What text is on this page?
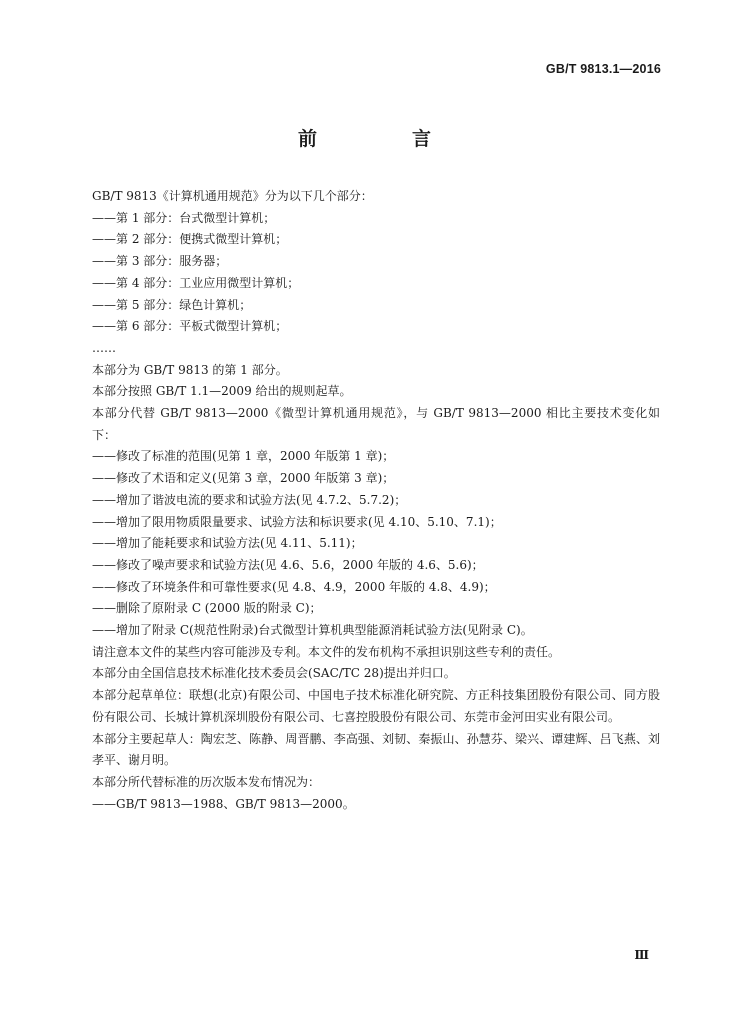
GB/T 9813.1—2016
前　言

GB/T 9813《计算机通用规范》分为以下几个部分：

——第 1 部分：台式微型计算机；

——第 2 部分：便携式微型计算机；

——第 3 部分：服务器；

——第 4 部分：工业应用微型计算机；

——第 5 部分：绿色计算机；

——第 6 部分：平板式微型计算机；

……

本部分为 GB/T 9813 的第 1 部分。

本部分按照 GB/T 1.1—2009 给出的规则起草。

本部分代替 GB/T 9813—2000《微型计算机通用规范》，与 GB/T 9813—2000 相比主要技术变化如下：

——修改了标准的范围(见第 1 章，2000 年版第 1 章)；

——修改了术语和定义(见第 3 章，2000 年版第 3 章)；

——增加了谐波电流的要求和试验方法(见 4.7.2、5.7.2)；

——增加了限用物质限量要求、试验方法和标识要求(见 4.10、5.10、7.1)；

——增加了能耗要求和试验方法(见 4.11、5.11)；

——修改了噪声要求和试验方法(见 4.6、5.6，2000 年版的 4.6、5.6)；

——修改了环境条件和可靠性要求(见 4.8、4.9，2000 年版的 4.8、4.9)；

——删除了原附录 C (2000 版的附录 C)；

——增加了附录 C(规范性附录)台式微型计算机典型能源消耗试验方法(见附录 C)。

请注意本文件的某些内容可能涉及专利。本文件的发布机构不承担识别这些专利的责任。

本部分由全国信息技术标准化技术委员会(SAC/TC 28)提出并归口。

本部分起草单位：联想(北京)有限公司、中国电子技术标准化研究院、方正科技集团股份有限公司、同方股份有限公司、长城计算机深圳股份有限公司、七喜控股股份有限公司、东莞市金河田实业有限公司。

本部分主要起草人：陶宏芝、陈静、周晋鹏、李高强、刘韧、秦振山、孙慧芬、梁兴、谭建辉、吕飞燕、刘孝平、谢月明。

本部分所代替标准的历次版本发布情况为：

——GB/T 9813—1988、GB/T 9813—2000。

Ⅲ
